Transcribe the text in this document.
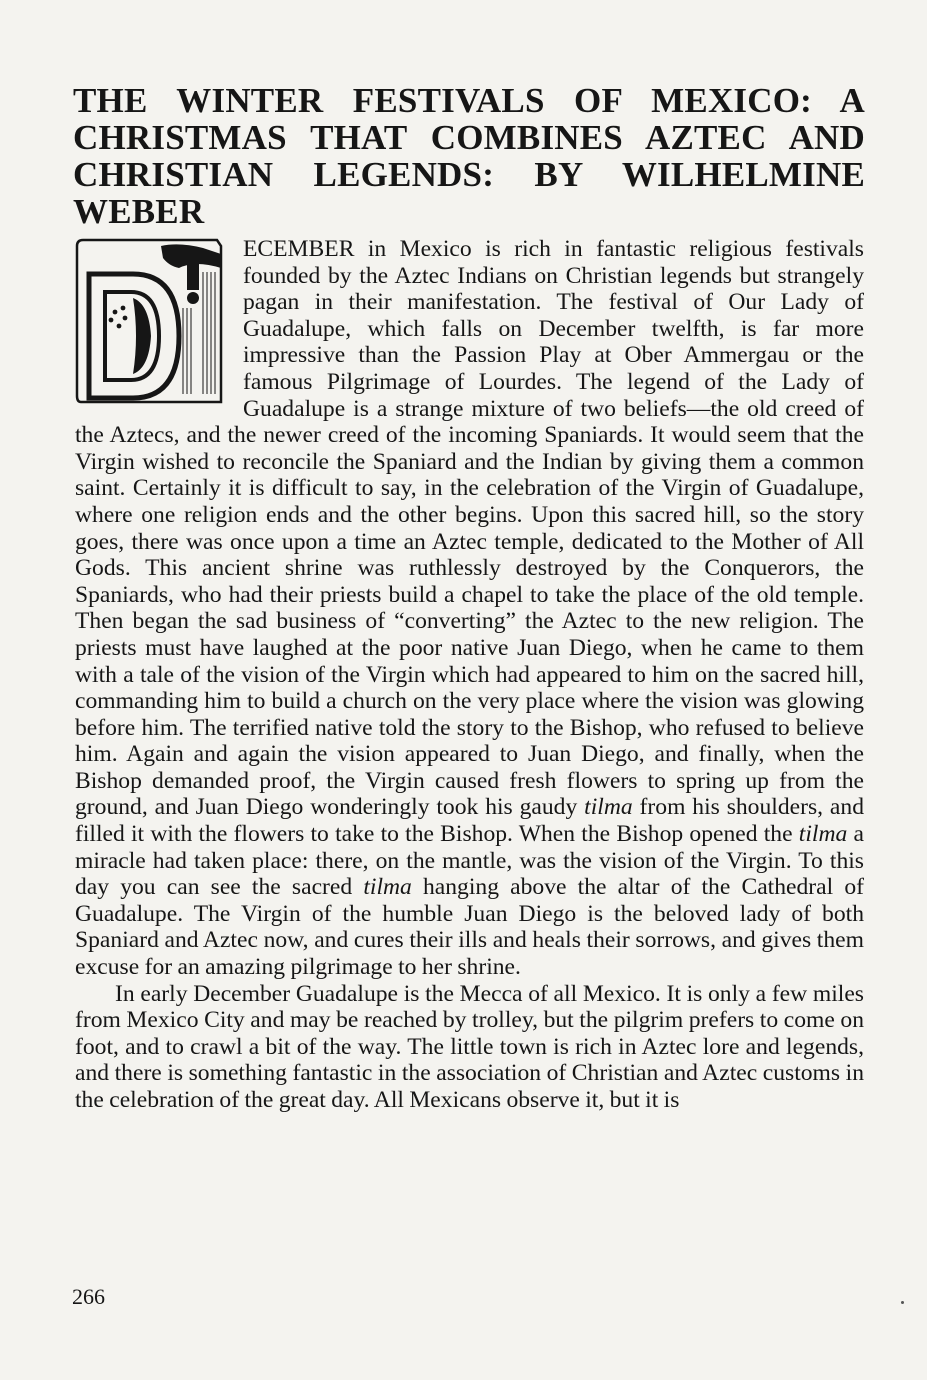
THE WINTER FESTIVALS OF MEXICO: A CHRISTMAS THAT COMBINES AZTEC AND CHRISTIAN LEGENDS: BY WILHELMINE WEBER

ECEMBER in Mexico is rich in fantastic religious festivals founded by the Aztec Indians on Christian legends but strangely pagan in their manifestation. The festival of Our Lady of Guadalupe, which falls on December twelfth, is far more impressive than the Passion Play at Ober Ammergau or the famous Pilgrimage of Lourdes. The legend of the Lady of Guadalupe is a strange mixture of two beliefs—the old creed of the Aztecs, and the newer creed of the incoming Spaniards. It would seem that the Virgin wished to reconcile the Spaniard and the Indian by giving them a common saint. Certainly it is difficult to say, in the celebration of the Virgin of Guadalupe, where one religion ends and the other begins. Upon this sacred hill, so the story goes, there was once upon a time an Aztec temple, dedicated to the Mother of All Gods. This ancient shrine was ruthlessly destroyed by the Conquerors, the Spaniards, who had their priests build a chapel to take the place of the old temple. Then began the sad business of “converting” the Aztec to the new religion. The priests must have laughed at the poor native Juan Diego, when he came to them with a tale of the vision of the Virgin which had appeared to him on the sacred hill, commanding him to build a church on the very place where the vision was glowing before him. The terrified native told the story to the Bishop, who refused to believe him. Again and again the vision appeared to Juan Diego, and finally, when the Bishop demanded proof, the Virgin caused fresh flowers to spring up from the ground, and Juan Diego wonderingly took his gaudy tilma from his shoulders, and filled it with the flowers to take to the Bishop. When the Bishop opened the tilma a miracle had taken place: there, on the mantle, was the vision of the Virgin. To this day you can see the sacred tilma hanging above the altar of the Cathedral of Guadalupe. The Virgin of the humble Juan Diego is the beloved lady of both Spaniard and Aztec now, and cures their ills and heals their sorrows, and gives them excuse for an amazing pilgrimage to her shrine.

In early December Guadalupe is the Mecca of all Mexico. It is only a few miles from Mexico City and may be reached by trolley, but the pilgrim prefers to come on foot, and to crawl a bit of the way. The little town is rich in Aztec lore and legends, and there is something fantastic in the association of Christian and Aztec customs in the celebration of the great day. All Mexicans observe it, but it is

266
